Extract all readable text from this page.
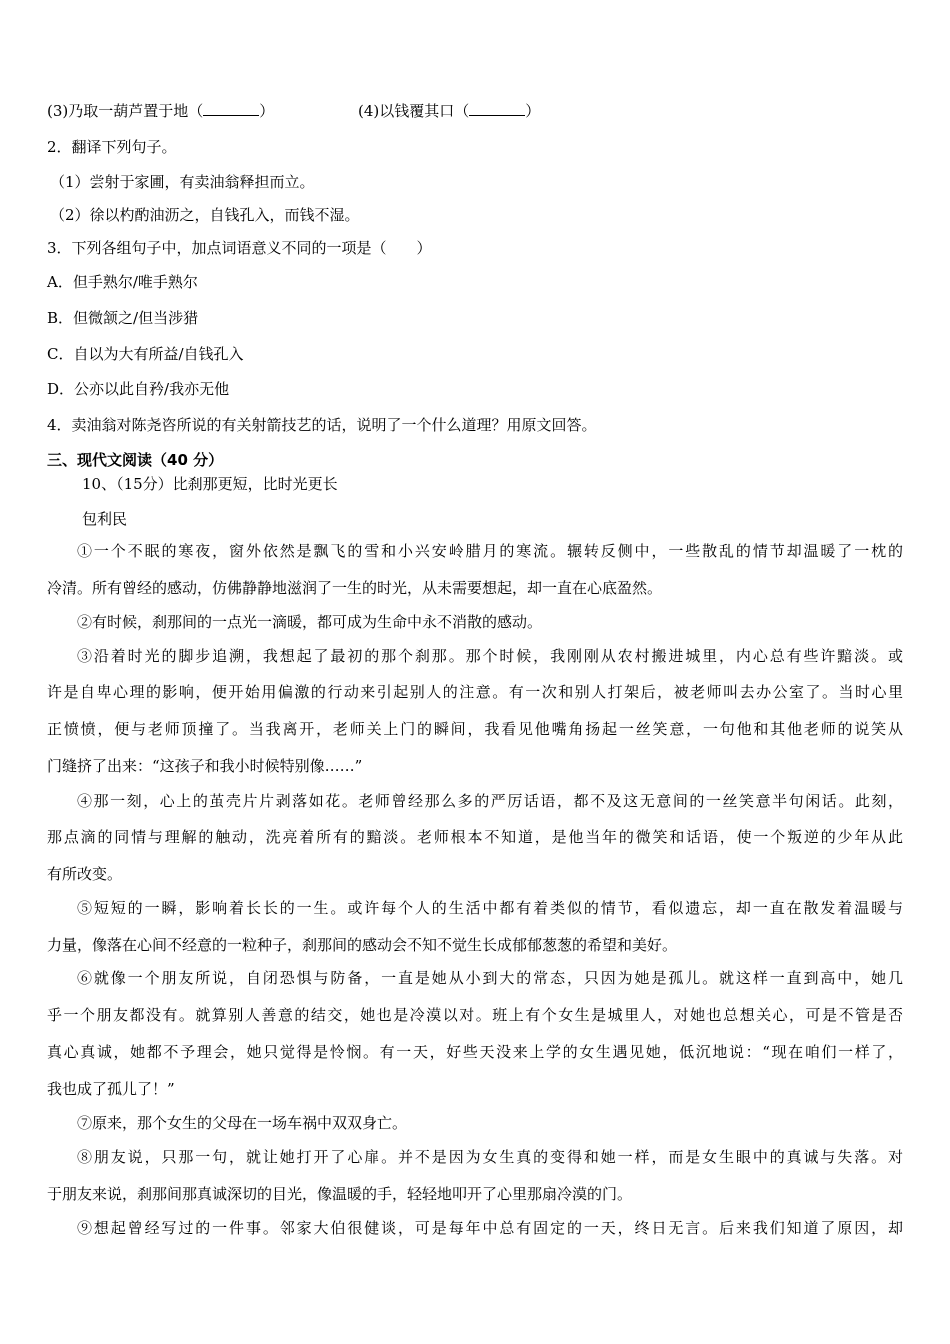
(3)乃取一葫芦置于地（	）	(4)以钱覆其口（	）
2．翻译下列句子。
（1）尝射于家圃，有卖油翁释担而立。
（2）徐以杓酌油沥之，自钱孔入，而钱不湿。
3．下列各组句子中，加点词语意义不同的一项是（　　）
A．但手熟尔/唯手熟尔
B．但微颔之/但当涉猎
C．自以为大有所益/自钱孔入
D．公亦以此自矜/我亦无他
4．卖油翁对陈尧咨所说的有关射箭技艺的话，说明了一个什么道理？用原文回答。
三、现代文阅读（40 分）
10、（15分）比刹那更短，比时光更长
包利民
①一个不眠的寒夜，窗外依然是飘飞的雪和小兴安岭腊月的寒流。辗转反侧中，一些散乱的情节却温暖了一枕的
冷清。所有曾经的感动，仿佛静静地滋润了一生的时光，从未需要想起，却一直在心底盈然。
②有时候，刹那间的一点光一滴暖，都可成为生命中永不消散的感动。
③沿着时光的脚步追溯，我想起了最初的那个刹那。那个时候，我刚刚从农村搬进城里，内心总有些许黯淡。或
许是自卑心理的影响，便开始用偏激的行动来引起别人的注意。有一次和别人打架后，被老师叫去办公室了。当时心里
正愤愤，便与老师顶撞了。当我离开，老师关上门的瞬间，我看见他嘴角扬起一丝笑意，一句他和其他老师的说笑从
门缝挤了出来：“这孩子和我小时候特别像……”
④那一刻，心上的茧壳片片剥落如花。老师曾经那么多的严厉话语，都不及这无意间的一丝笑意半句闲话。此刻，
那点滴的同情与理解的触动，洗亮着所有的黯淡。老师根本不知道，是他当年的微笑和话语，使一个叛逆的少年从此
有所改变。
⑤短短的一瞬，影响着长长的一生。或许每个人的生活中都有着类似的情节，看似遗忘，却一直在散发着温暖与
力量，像落在心间不经意的一粒种子，刹那间的感动会不知不觉生长成郁郁葱葱的希望和美好。
⑥就像一个朋友所说，自闭恐惧与防备，一直是她从小到大的常态，只因为她是孤儿。就这样一直到高中，她几
乎一个朋友都没有。就算别人善意的结交，她也是冷漠以对。班上有个女生是城里人，对她也总想关心，可是不管是否
真心真诚，她都不予理会，她只觉得是怜悯。有一天，好些天没来上学的女生遇见她，低沉地说：“现在咱们一样了，
我也成了孤儿了！”
⑦原来，那个女生的父母在一场车祸中双双身亡。
⑧朋友说，只那一句，就让她打开了心扉。并不是因为女生真的变得和她一样，而是女生眼中的真诚与失落。对
于朋友来说，刹那间那真诚深切的目光，像温暖的手，轻轻地叩开了心里那扇冷漠的门。
⑨想起曾经写过的一件事。邻家大伯很健谈，可是每年中总有固定的一天，终日无言。后来我们知道了原因，却
